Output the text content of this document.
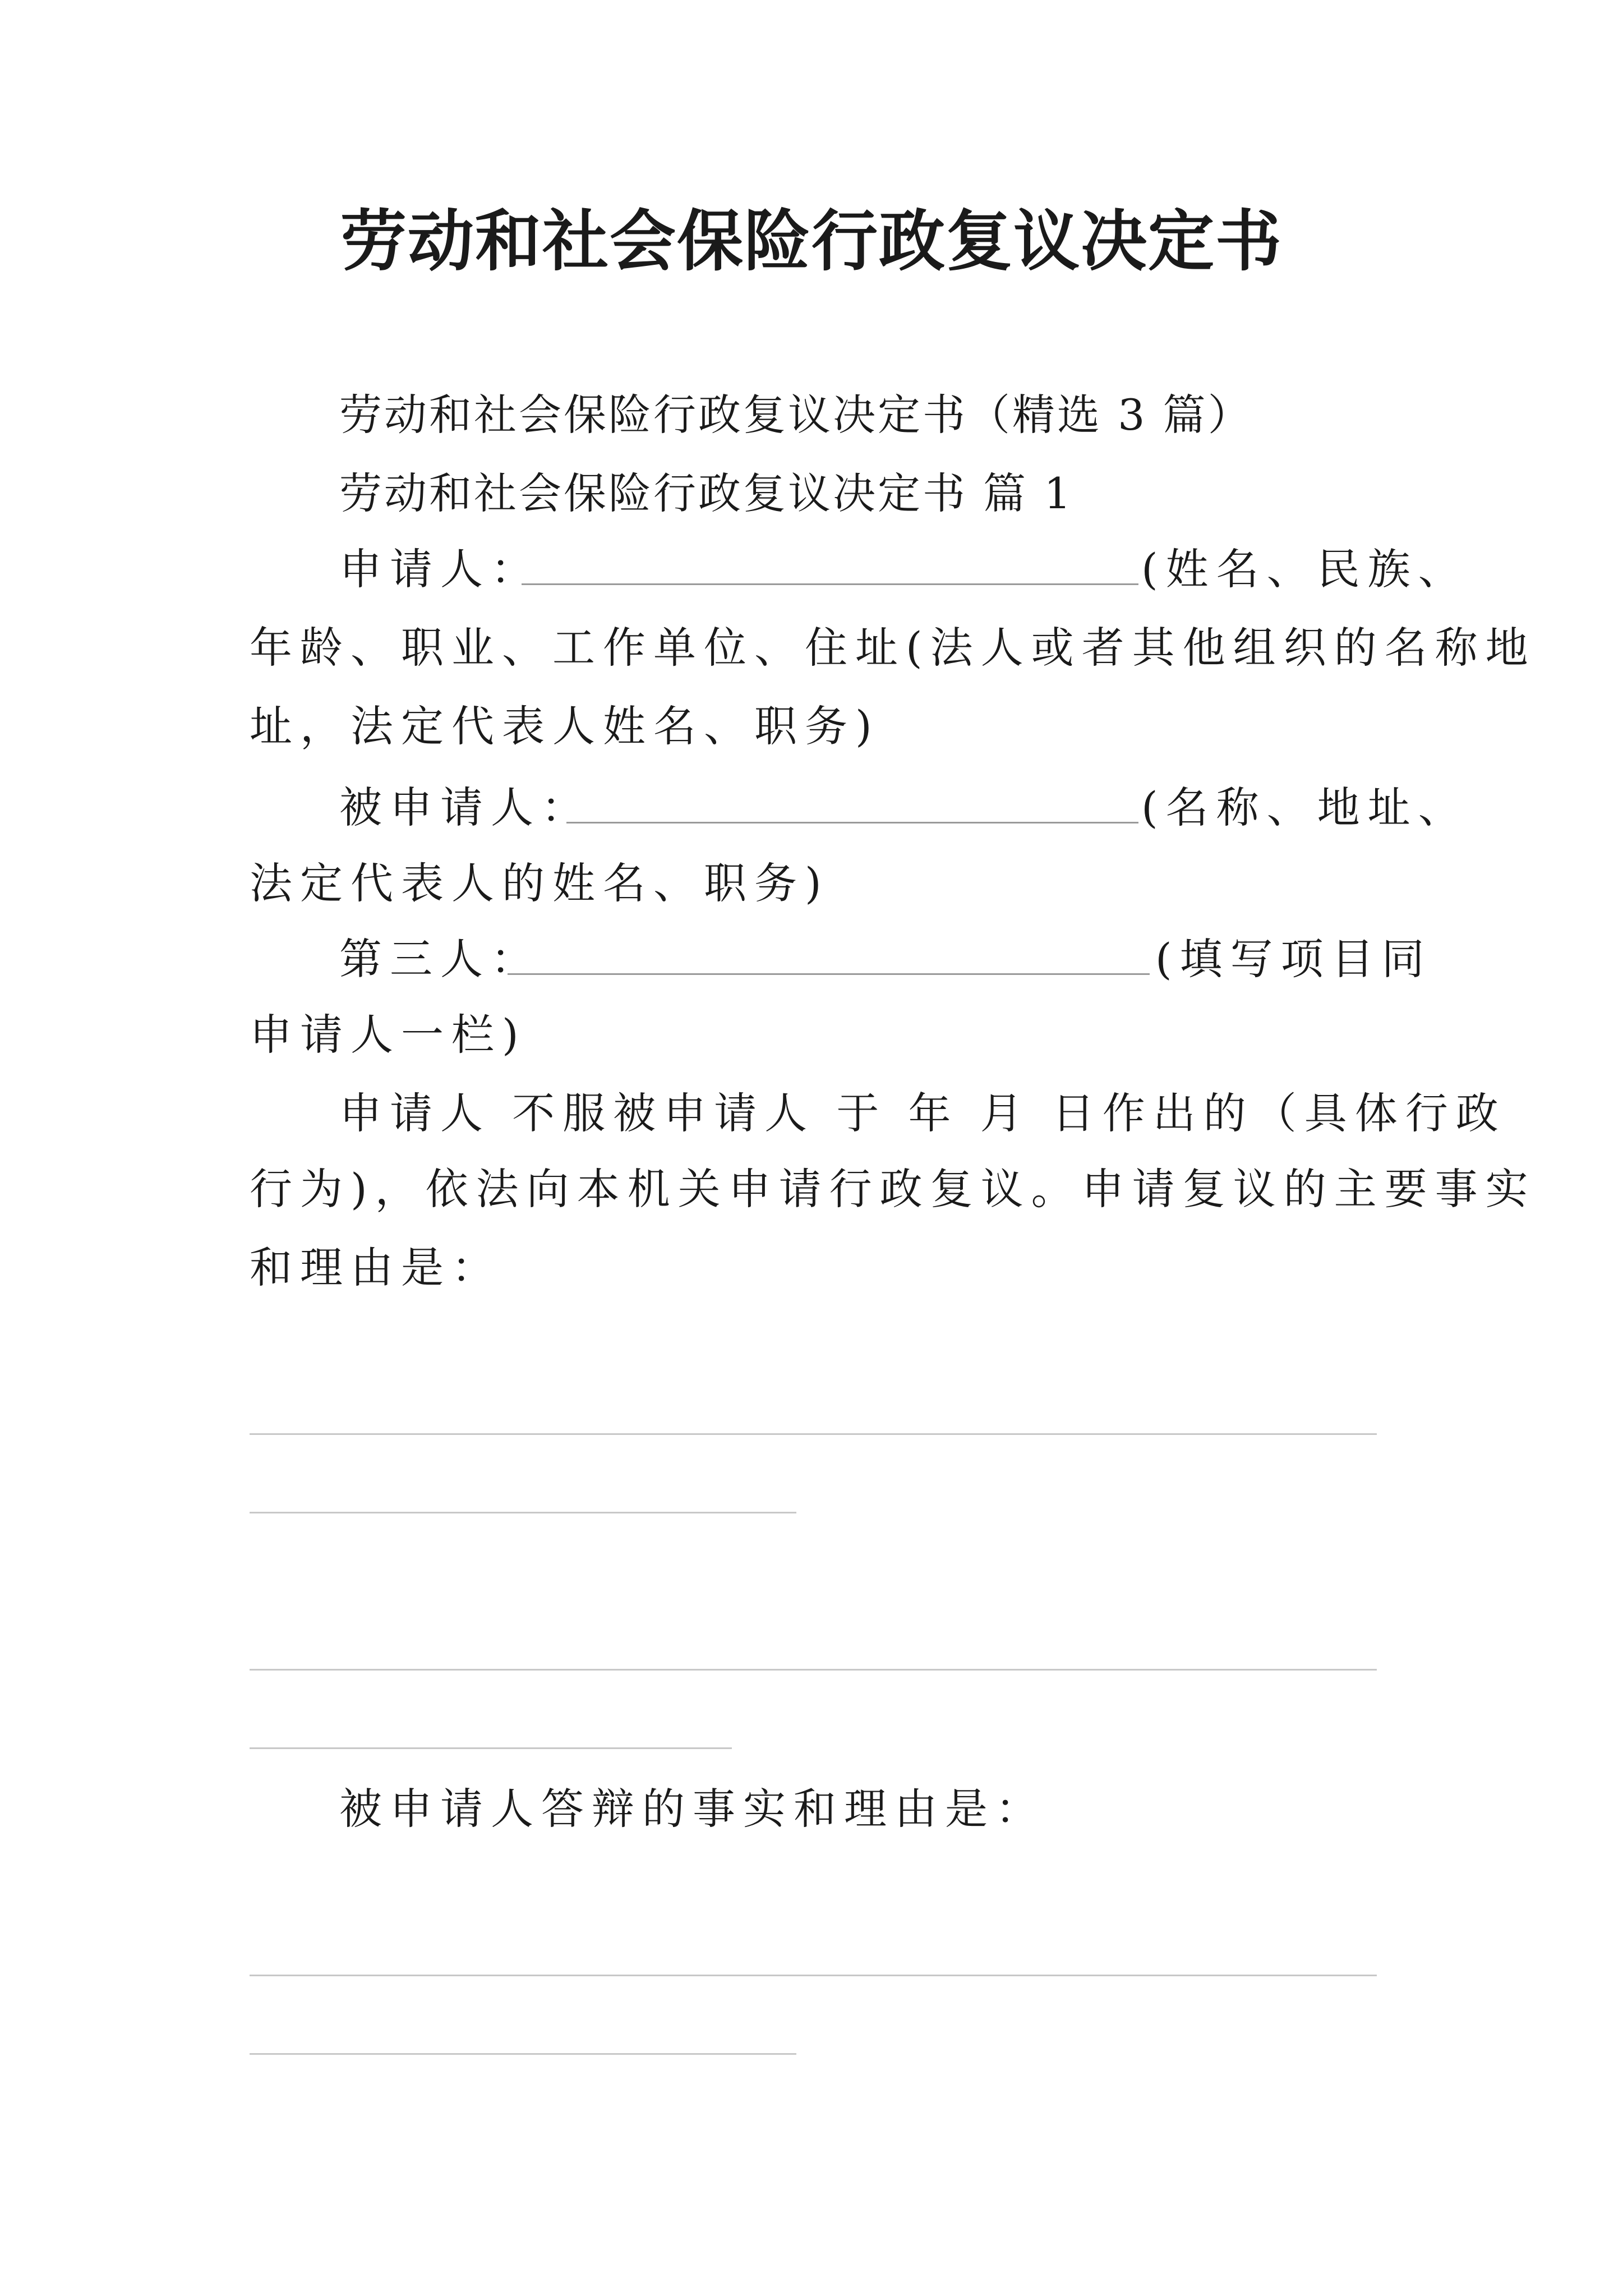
劳动和社会保险行政复议决定书
劳动和社会保险行政复议决定书（精选 3 篇）
劳动和社会保险行政复议决定书 篇 1
申请人：	(姓名、民族、
年龄、职业、工作单位、住址(法人或者其他组织的名称地
址，法定代表人姓名、职务)
被申请人：	(名称、地址、
法定代表人的姓名、职务)
第三人：	(填写项目同
申请人一栏)
申请人 不服被申请人 于 年 月 日作出的（具体行政
行为)，依法向本机关申请行政复议。申请复议的主要事实
和理由是：
被申请人答辩的事实和理由是：
